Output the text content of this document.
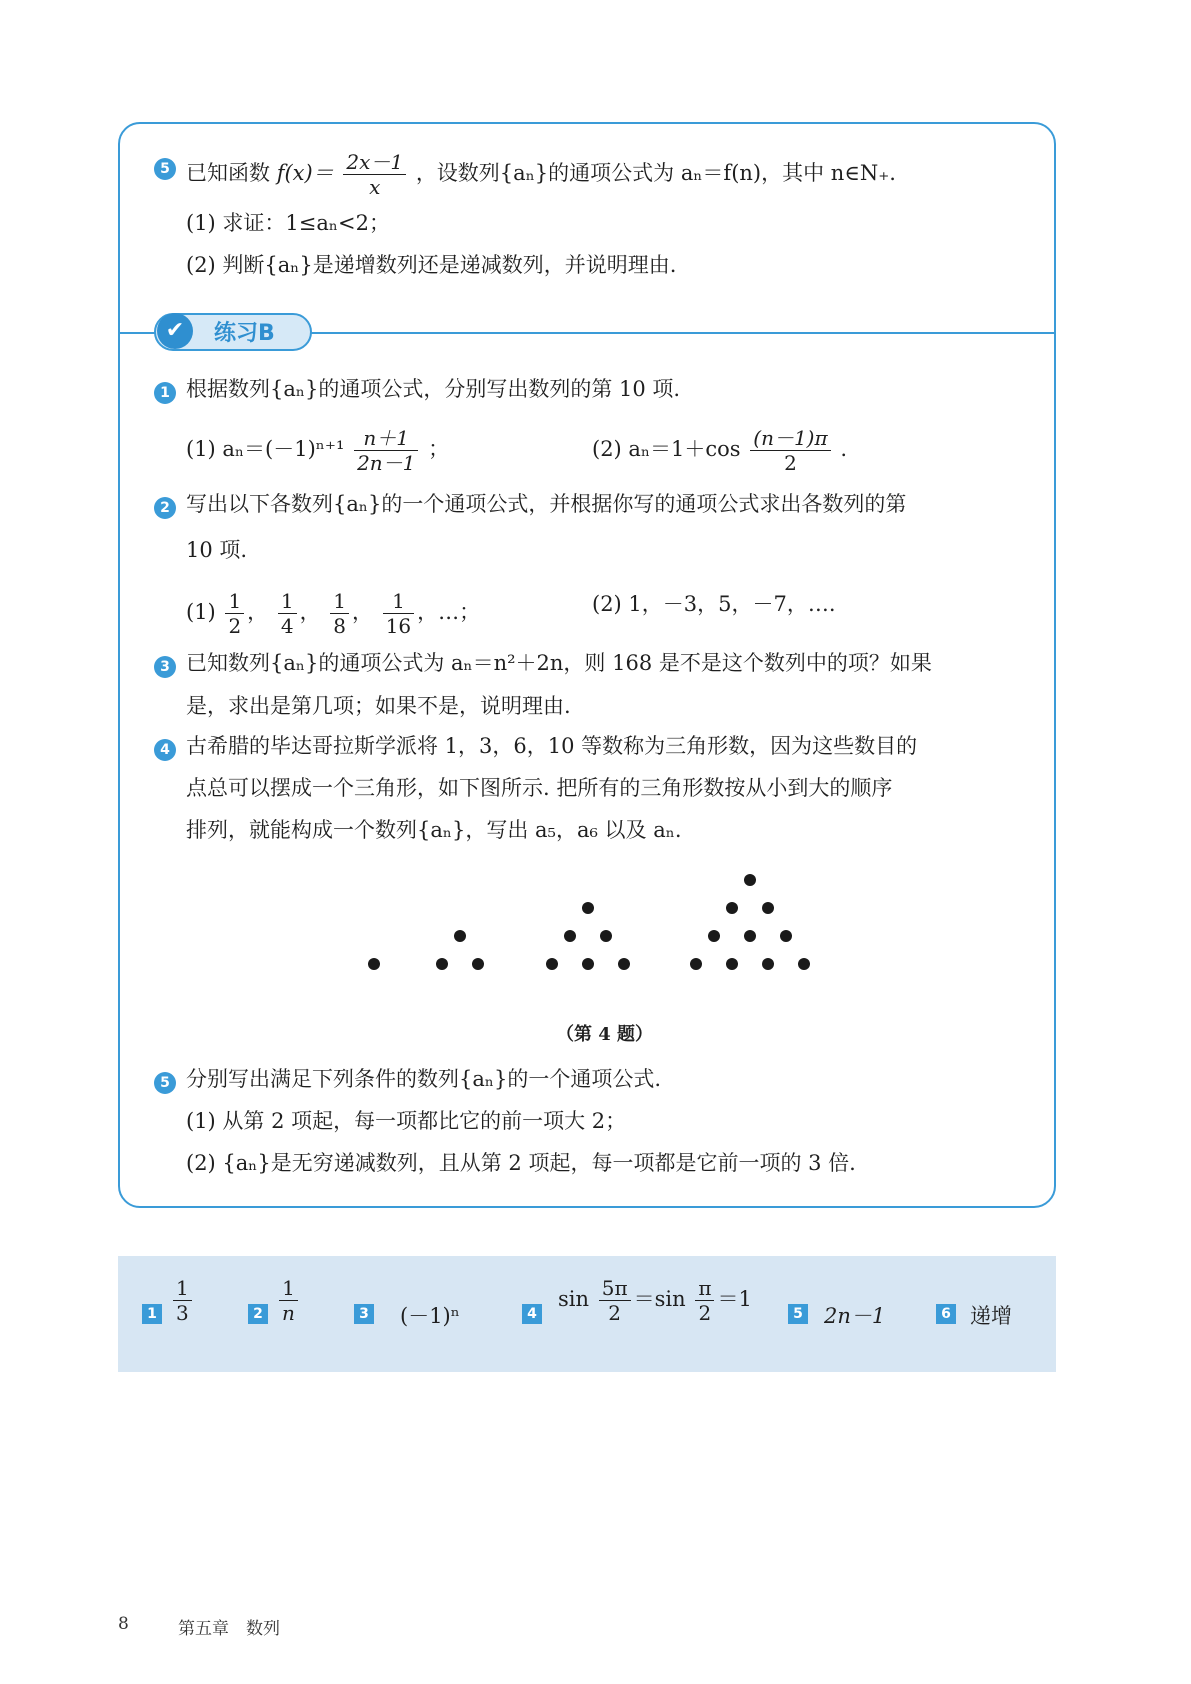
5 已知函数 $f(x)= \frac{2x-1}{x}$ ，设数列{aₙ}的通项公式为 aₙ＝f(n)，其中 n∈N₊.
(1) 求证：1≤aₙ<2；
(2) 判断{aₙ}是递增数列还是递减数列，并说明理由.
✔	练习B
1 根据数列{aₙ}的通项公式，分别写出数列的第 10 项.
(1) $a_n=(-1)^{n+1} \frac{n+1}{2n-1}$ ；	(2) $a_n=1+\cos \frac{(n-1)\pi}{2}$ .
2 写出以下各数列{aₙ}的一个通项公式，并根据你写的通项公式求出各数列的第
10 项.
$(1) \frac{1}{2}$ ， $\frac{1}{4}$ ， $\frac{1}{8}$ ， $\frac{1}{16}$ ，…；	(2) 1，－3，5，－7，….
3 已知数列{aₙ}的通项公式为 aₙ＝n²＋2n，则 168 是不是这个数列中的项？如果
是，求出是第几项；如果不是，说明理由.
4 古希腊的毕达哥拉斯学派将 1，3，6，10 等数称为三角形数，因为这些数目的
点总可以摆成一个三角形，如下图所示. 把所有的三角形数按从小到大的顺序
排列，就能构成一个数列{aₙ}，写出 a₅，a₆ 以及 aₙ.
（第 4 题）
5 分别写出满足下列条件的数列{aₙ}的一个通项公式.
(1) 从第 2 项起，每一项都比它的前一项大 2；
(2) {aₙ}是无穷递减数列，且从第 2 项起，每一项都是它前一项的 3 倍.
$1 \frac{1}{3}$	$2 \frac{1}{n}$	3 (－1)ⁿ	4
$\sin \frac{5\pi}{2} =\sin \frac{\pi}{2} =1$
5 2n－1	6 递增
8	第五章　数列
